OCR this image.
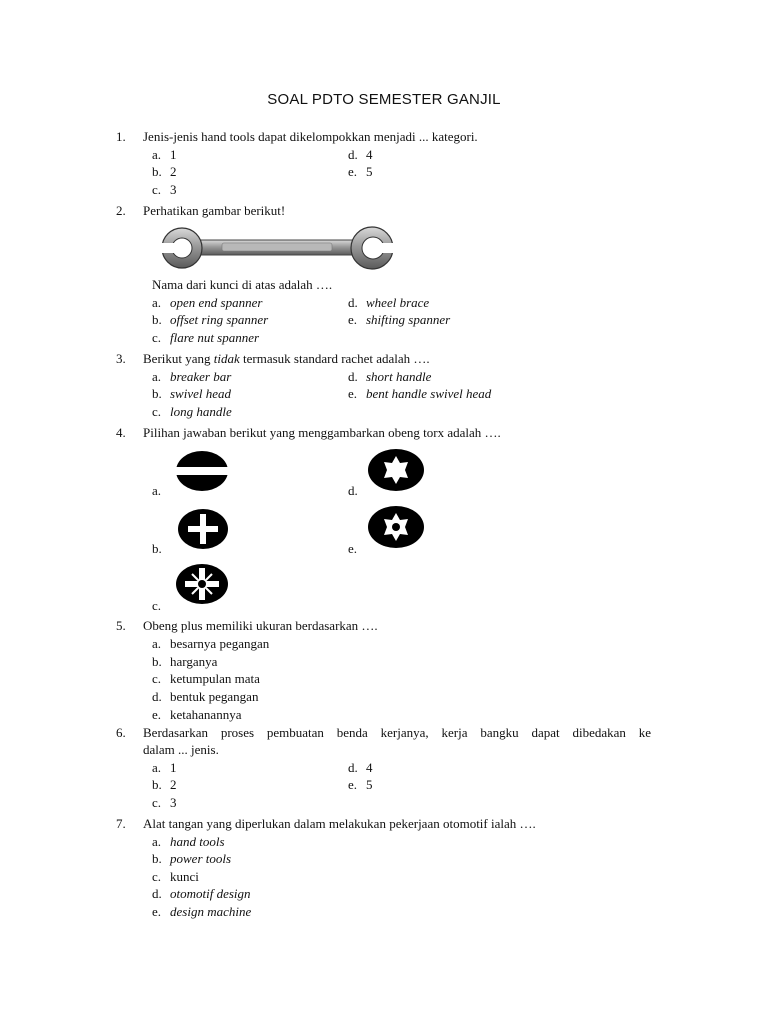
SOAL PDTO SEMESTER GANJIL
1. Jenis-jenis hand tools dapat dikelompokkan menjadi ... kategori.
a. 1
b. 2
c. 3
d. 4
e. 5
2. Perhatikan gambar berikut!
Nama dari kunci di atas adalah ….
a. open end spanner
b. offset ring spanner
c. flare nut spanner
d. wheel brace
e. shifting spanner
3. Berikut yang tidak termasuk standard rachet adalah ….
a. breaker bar
b. swivel head
c. long handle
d. short handle
e. bent handle swivel head
4. Pilihan jawaban berikut yang menggambarkan obeng torx adalah ….
a.
b.
c.
d.
e.
5. Obeng plus memiliki ukuran berdasarkan ….
a. besarnya pegangan
b. harganya
c. ketumpulan mata
d. bentuk pegangan
e. ketahanannya
6. Berdasarkan proses pembuatan benda kerjanya, kerja bangku dapat dibedakan ke
dalam ... jenis.
a. 1
b. 2
c. 3
d. 4
e. 5
7. Alat tangan yang diperlukan dalam melakukan pekerjaan otomotif ialah ….
a. hand tools
b. power tools
c. kunci
d. otomotif design
e. design machine
